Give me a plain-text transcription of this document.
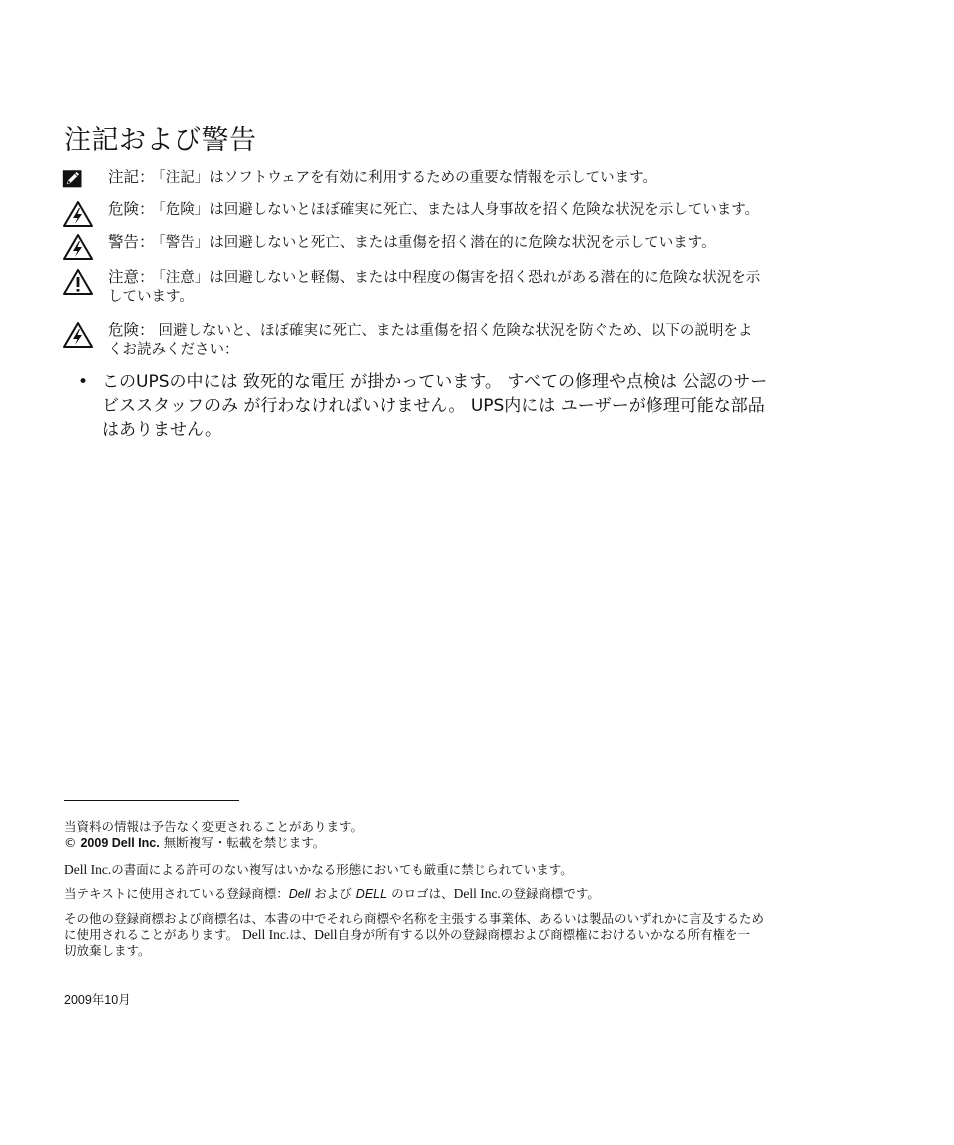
注記および警告
注記： 「注記」はソフトウェアを有効に利用するための重要な情報を示しています。
危険： 「危険」は回避しないとほぼ確実に死亡、または人身事故を招く危険な状況を示しています。
警告： 「警告」は回避しないと死亡、または重傷を招く潜在的に危険な状況を示しています。
注意： 「注意」は回避しないと軽傷、または中程度の傷害を招く恐れがある潜在的に危険な状況を示
しています。
危険： 回避しないと、ほぼ確実に死亡、または重傷を招く危険な状況を防ぐため、以下の説明をよ
くお読みください：
• このUPSの中には 致死的な電圧 が掛かっています。 すべての修理や点検は 公認のサー
ビススタッフのみ が行わなければいけません。 UPS内には ユーザーが修理可能な部品
はありません。
当資料の情報は予告なく変更されることがあります。
© 2009 Dell Inc. 無断複写・転載を禁じます。
Dell Inc.の書面による許可のない複写はいかなる形態においても厳重に禁じられています。
当テキストに使用されている登録商標：Dell および DELL のロゴは、Dell Inc.の登録商標です。
その他の登録商標および商標名は、本書の中でそれら商標や名称を主張する事業体、あるいは製品のいずれかに言及するため
に使用されることがあります。 Dell Inc.は、Dell自身が所有する以外の登録商標および商標権におけるいかなる所有権を一
切放棄します。
2009年10月
